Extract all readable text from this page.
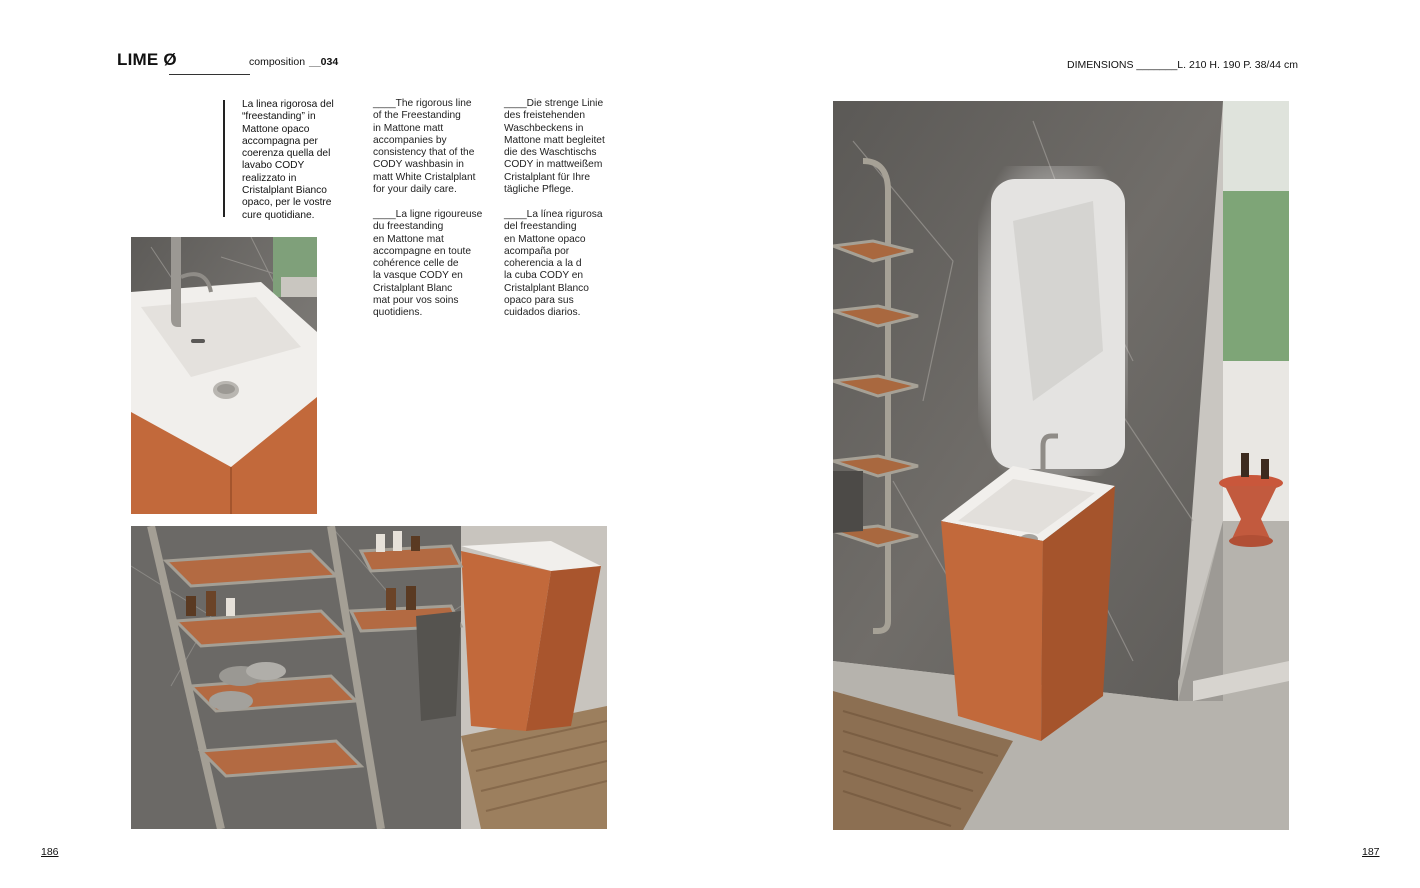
LIME Ø	composition __034	DIMENSIONS _______L. 210 H. 190 P. 38/44 cm
La linea rigorosa del “freestanding” in Mattone opaco accompagna per coerenza quella del lavabo CODY realizzato in Cristalplant Bianco opaco, per le vostre cure quotidiane.
____The rigorous line
of the Freestanding
in Mattone matt
accompanies by
consistency that of the
CODY washbasin in
matt White Cristalplant
for your daily care.
____Die strenge Linie
des freistehenden
Waschbeckens in
Mattone matt begleitet
die des Waschtischs
CODY in mattweißem
Cristalplant für Ihre
tägliche Pflege.
____La ligne rigoureuse
du freestanding
en Mattone mat
accompagne en toute
cohérence celle de
la vasque CODY en
Cristalplant Blanc
mat pour vos soins
quotidiens.
____La línea rigurosa
del freestanding
en Mattone opaco
acompaña por
coherencia a la d
la cuba CODY en
Cristalplant Blanco
opaco para sus
cuidados diarios.
186	187
